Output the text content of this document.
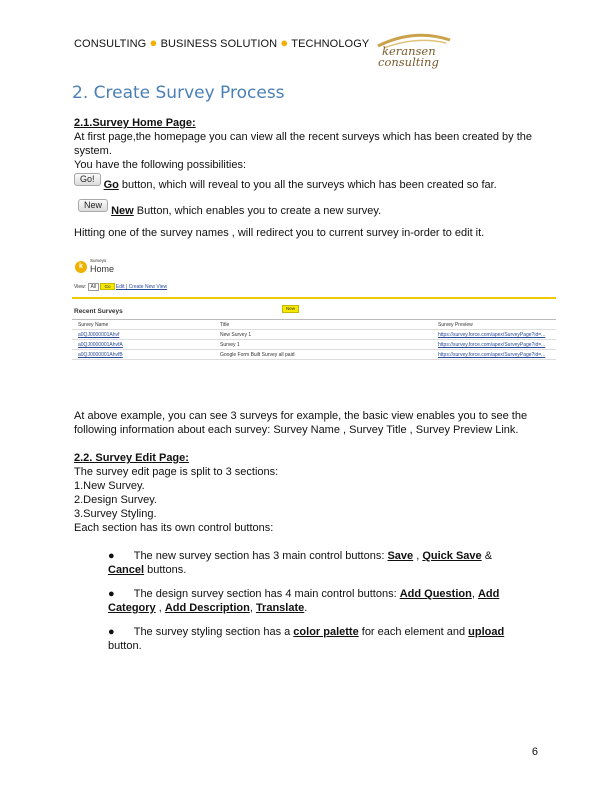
CONSULTING ● BUSINESS SOLUTION ● TECHNOLOGY keransen
consulting
2. Create Survey Process
2.1.Survey Home Page:
At first page,the homepage you can view all the recent surveys which has been created by the
system.
You have the following possibilities:
Go! Go button, which will reveal to you all the surveys which has been created so far.
New New Button, which enables you to create a new survey.
Hitting one of the survey names , will redirect you to current survey in-order to edit it.
k
Surveys
Home
View: All Go Edit | Create New View
Recent Surveys	New
Survey Name	Title	Survey Preview
a0QJ0000001Ahvf	New Survey 1	https://survey.force.com/apex/SurveyPage?id=...
a0QJ0000001AhvfA	Survey 1	https://survey.force.com/apex/SurveyPage?id=...
a0QJ0000001AhvfB	Google Form Built Survey all paid	https://survey.force.com/apex/SurveyPage?id=...
At above example, you can see 3 surveys for example, the basic view enables you to see the
following information about each survey: Survey Name , Survey Title , Survey Preview Link.
2.2. Survey Edit Page:
The survey edit page is split to 3 sections:
1.New Survey.
2.Design Survey.
3.Survey Styling.
Each section has its own control buttons:
● The new survey section has 3 main control buttons: Save , Quick Save &
Cancel buttons.
● The design survey section has 4 main control buttons: Add Question, Add
Category , Add Description, Translate.
● The survey styling section has a color palette for each element and upload
button.
6
